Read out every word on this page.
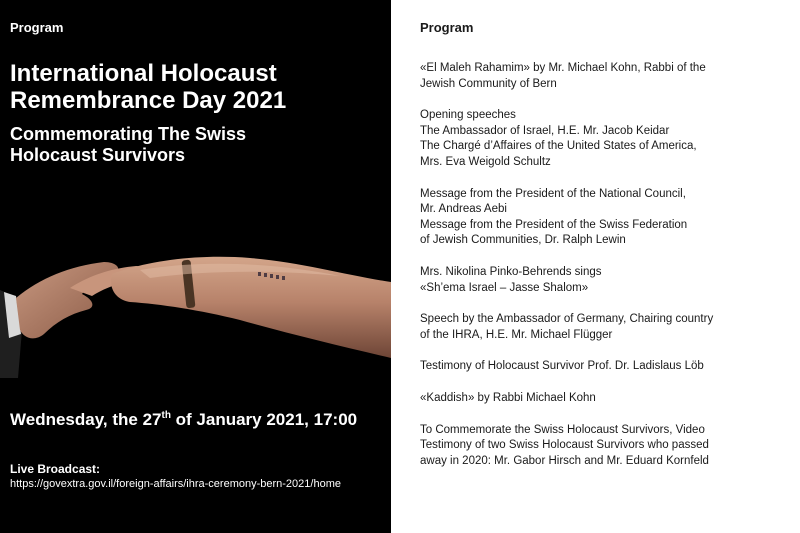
Program
International Holocaust
Remembrance Day 2021
Commemorating The Swiss
Holocaust Survivors
Wednesday, the 27th of January 2021, 17:00
Live Broadcast:
https://govextra.gov.il/foreign-affairs/ihra-ceremony-bern-2021/home
Program
«El Maleh Rahamim» by Mr. Michael Kohn, Rabbi of the
Jewish Community of Bern
Opening speeches
The Ambassador of Israel, H.E. Mr. Jacob Keidar
The Chargé d’Affaires of the United States of America,
Mrs. Eva Weigold Schultz
Message from the President of the National Council,
Mr. Andreas Aebi
Message from the President of the Swiss Federation
of Jewish Communities, Dr. Ralph Lewin
Mrs. Nikolina Pinko-Behrends sings
«Sh’ema Israel – Jasse Shalom»
Speech by the Ambassador of Germany, Chairing country
of the IHRA, H.E. Mr. Michael Flügger
Testimony of Holocaust Survivor Prof. Dr. Ladislaus Löb
«Kaddish» by Rabbi Michael Kohn
To Commemorate the Swiss Holocaust Survivors, Video
Testimony of two Swiss Holocaust Survivors who passed
away in 2020: Mr. Gabor Hirsch and Mr. Eduard Kornfeld
